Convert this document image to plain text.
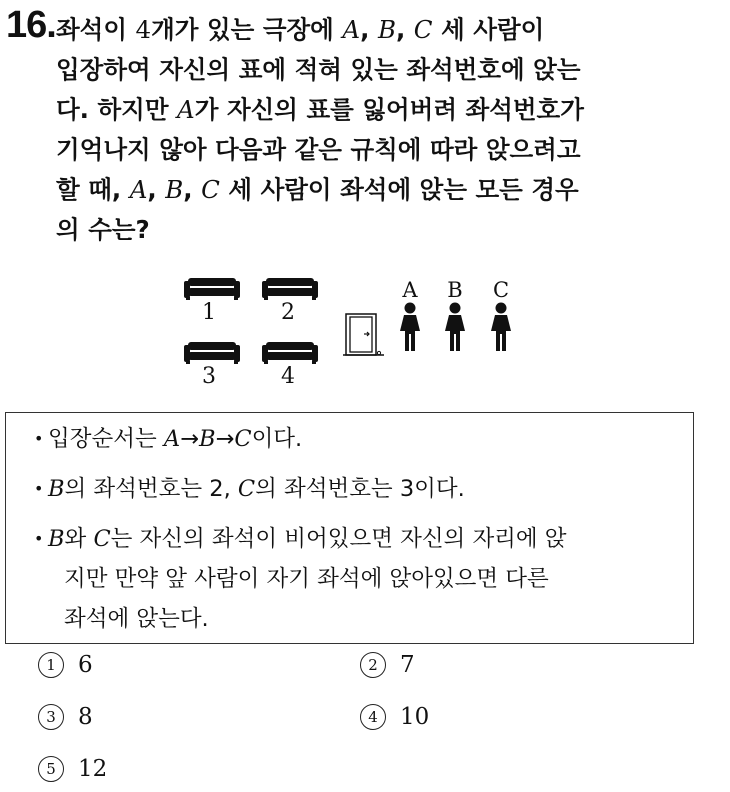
16. 좌석이 4개가 있는 극장에 A, B, C 세 사람이
입장하여 자신의 표에 적혀 있는 좌석번호에 앉는
다. 하지만 A가 자신의 표를 잃어버려 좌석번호가
기억나지 않아 다음과 같은 규칙에 따라 앉으려고
할 때, A, B, C 세 사람이 좌석에 앉는 모든 경우
의 수는?
1	2
3	4
A	B	C
• 입장순서는 A→B→C이다.
• B의 좌석번호는 2, C의 좌석번호는 3이다.
• B와 C는 자신의 좌석이 비어있으면 자신의 자리에 앉
지만 만약 앞 사람이 자기 좌석에 앉아있으면 다른
좌석에 앉는다.
1 6	2 7
3 8	4 10
5 12
